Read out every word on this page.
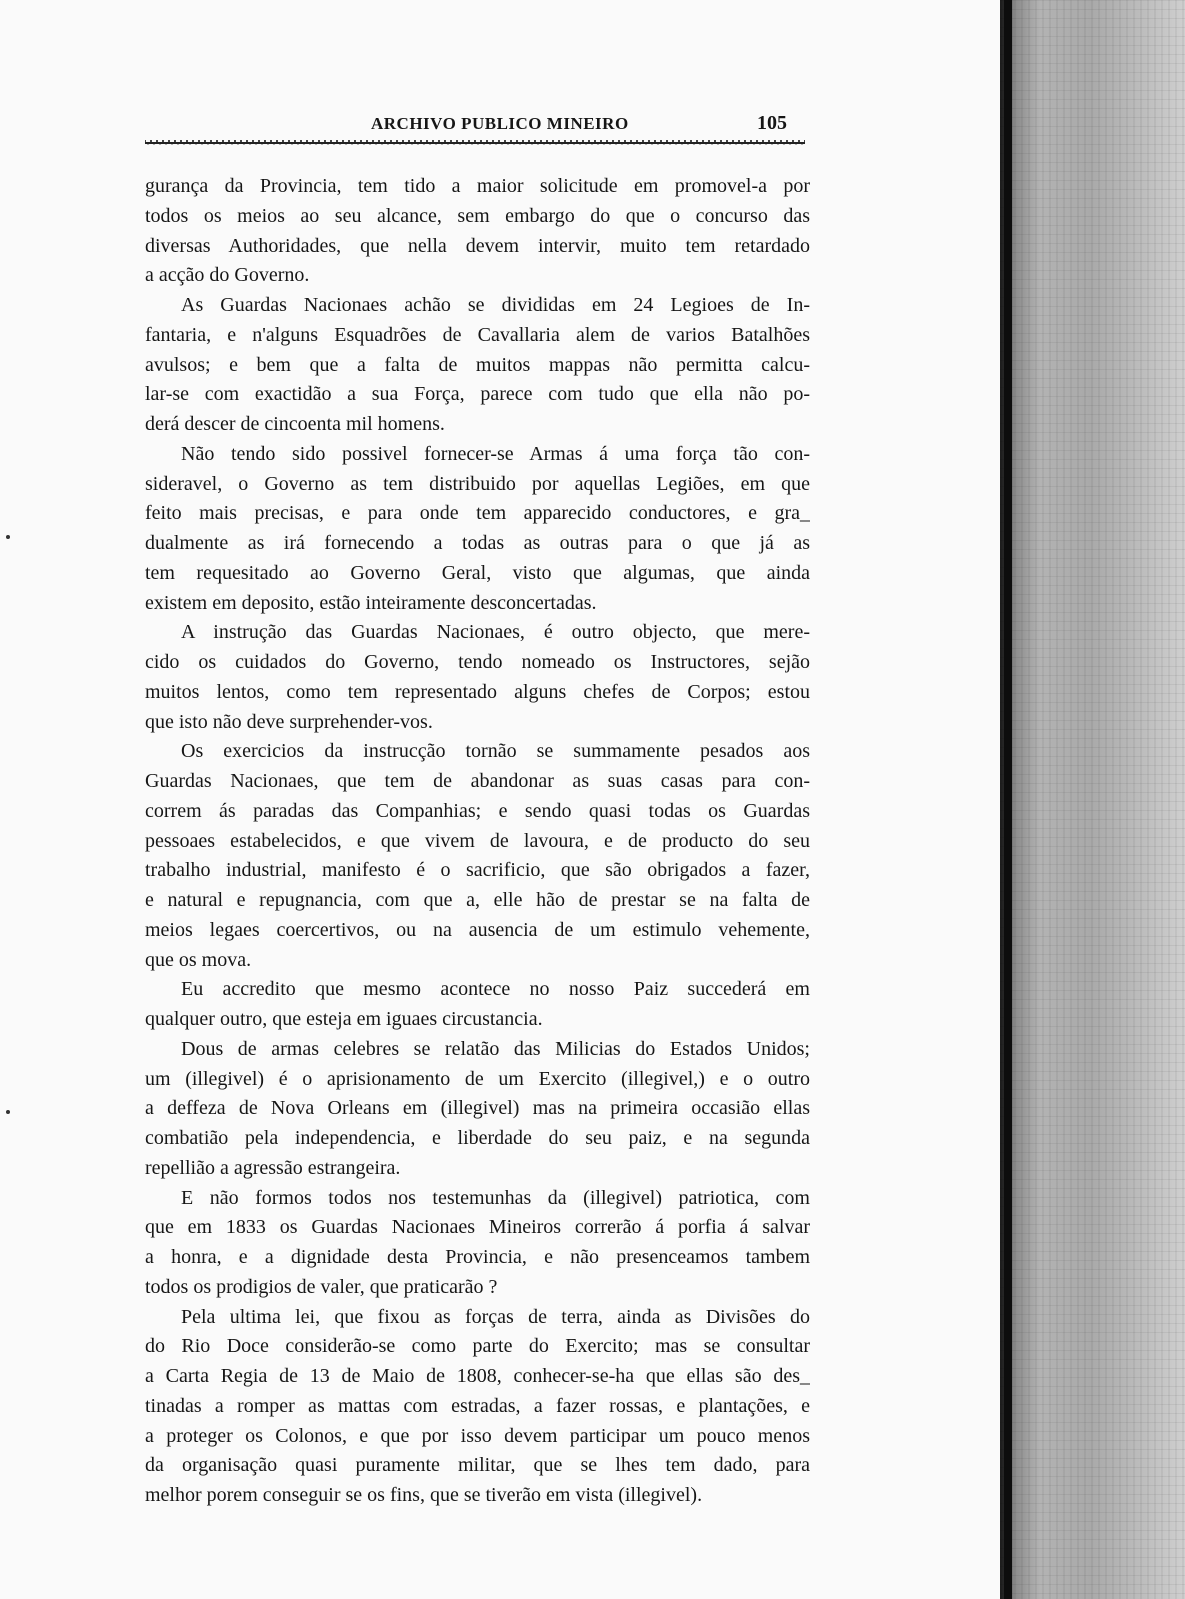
ARCHIVO PUBLICO MINEIRO	105
gurança da Provincia, tem tido a maior solicitude em promovel-a por
todos os meios ao seu alcance, sem embargo do que o concurso das
diversas Authoridades, que nella devem intervir, muito tem retardado
a acção do Governo.
As Guardas Nacionaes achão se divididas em 24 Legioes de In-
fantaria, e n'alguns Esquadrões de Cavallaria alem de varios Batalhões
avulsos; e bem que a falta de muitos mappas não permitta calcu-
lar-se com exactidão a sua Força, parece com tudo que ella não po-
derá descer de cincoenta mil homens.
Não tendo sido possivel fornecer-se Armas á uma força tão con-
sideravel, o Governo as tem distribuido por aquellas Legiões, em que
feito mais precisas, e para onde tem apparecido conductores, e gra_
dualmente as irá fornecendo a todas as outras para o que já as
tem requesitado ao Governo Geral, visto que algumas, que ainda
existem em deposito, estão inteiramente desconcertadas.
A instrução das Guardas Nacionaes, é outro objecto, que mere-
cido os cuidados do Governo, tendo nomeado os Instructores, sejão
muitos lentos, como tem representado alguns chefes de Corpos; estou
que isto não deve surprehender-vos.
Os exercicios da instrucção tornão se summamente pesados aos
Guardas Nacionaes, que tem de abandonar as suas casas para con-
correm ás paradas das Companhias; e sendo quasi todas os Guardas
pessoaes estabelecidos, e que vivem de lavoura, e de producto do seu
trabalho industrial, manifesto é o sacrificio, que são obrigados a fazer,
e natural e repugnancia, com que a, elle hão de prestar se na falta de
meios legaes coercertivos, ou na ausencia de um estimulo vehemente,
que os mova.
Eu accredito que mesmo acontece no nosso Paiz succederá em
qualquer outro, que esteja em iguaes circustancia.
Dous de armas celebres se relatão das Milicias do Estados Unidos;
um (illegivel) é o aprisionamento de um Exercito (illegivel,) e o outro
a deffeza de Nova Orleans em (illegivel) mas na primeira occasião ellas
combatião pela independencia, e liberdade do seu paiz, e na segunda
repellião a agressão estrangeira.
E não formos todos nos testemunhas da (illegivel) patriotica, com
que em 1833 os Guardas Nacionaes Mineiros correrão á porfia á salvar
a honra, e a dignidade desta Provincia, e não presenceamos tambem
todos os prodigios de valer, que praticarão ?
Pela ultima lei, que fixou as forças de terra, ainda as Divisões do
do Rio Doce considerão-se como parte do Exercito; mas se consultar
a Carta Regia de 13 de Maio de 1808, conhecer-se-ha que ellas são des_
tinadas a romper as mattas com estradas, a fazer rossas, e plantações, e
a proteger os Colonos, e que por isso devem participar um pouco menos
da organisação quasi puramente militar, que se lhes tem dado, para
melhor porem conseguir se os fins, que se tiverão em vista (illegivel).
